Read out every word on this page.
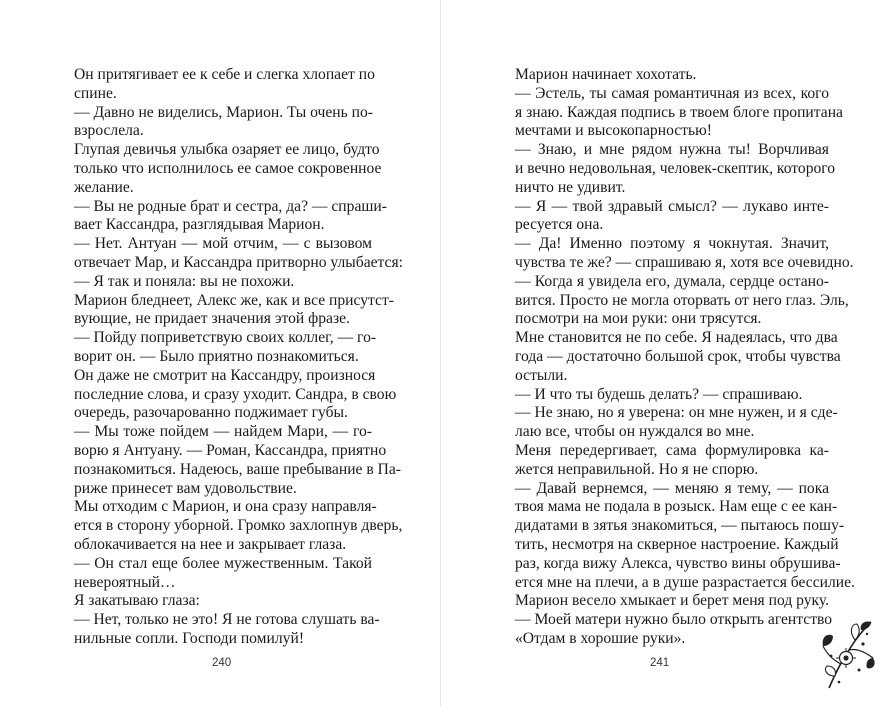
Он притягивает ее к себе и слегка хлопает по
спине.
— Давно не виделись, Марион. Ты очень по-
взрослела.
Глупая девичья улыбка озаряет ее лицо, будто
только что исполнилось ее самое сокровенное
желание.
— Вы не родные брат и сестра, да? — спраши-
вает Кассандра, разглядывая Марион.
— Нет. Антуан — мой отчим, — с вызовом
отвечает Мар, и Кассандра притворно улыбается:
— Я так и поняла: вы не похожи.
Марион бледнеет, Алекс же, как и все присутст-
вующие, не придает значения этой фразе.
— Пойду поприветствую своих коллег, — го-
ворит он. — Было приятно познакомиться.
Он даже не смотрит на Кассандру, произнося
последние слова, и сразу уходит. Сандра, в свою
очередь, разочарованно поджимает губы.
— Мы тоже пойдем — найдем Мари, — го-
ворю я Антуану. — Роман, Кассандра, приятно
познакомиться. Надеюсь, ваше пребывание в Па-
риже принесет вам удовольствие.
Мы отходим с Марион, и она сразу направля-
ется в сторону уборной. Громко захлопнув дверь,
облокачивается на нее и закрывает глаза.
— Он стал еще более мужественным. Такой
невероятный…
Я закатываю глаза:
— Нет, только не это! Я не готова слушать ва-
нильные сопли. Господи помилуй!
240
Марион начинает хохотать.
— Эстель, ты самая романтичная из всех, кого
я знаю. Каждая подпись в твоем блоге пропитана
мечтами и высокопарностью!
— Знаю, и мне рядом нужна ты! Ворчливая
и вечно недовольная, человек-скептик, которого
ничто не удивит.
— Я — твой здравый смысл? — лукаво инте-
ресуется она.
— Да! Именно поэтому я чокнутая. Значит,
чувства те же? — спрашиваю я, хотя все очевидно.
— Когда я увидела его, думала, сердце остано-
вится. Просто не могла оторвать от него глаз. Эль,
посмотри на мои руки: они трясутся.
Мне становится не по себе. Я надеялась, что два
года — достаточно большой срок, чтобы чувства
остыли.
— И что ты будешь делать? — спрашиваю.
— Не знаю, но я уверена: он мне нужен, и я сде-
лаю все, чтобы он нуждался во мне.
Меня передергивает, сама формулировка ка-
жется неправильной. Но я не спорю.
— Давай вернемся, — меняю я тему, — пока
твоя мама не подала в розыск. Нам еще с ее кан-
дидатами в зятья знакомиться, — пытаюсь пошу-
тить, несмотря на скверное настроение. Каждый
раз, когда вижу Алекса, чувство вины обрушива-
ется мне на плечи, а в душе разрастается бессилие.
Марион весело хмыкает и берет меня под руку.
— Моей матери нужно было открыть агентство
«Отдам в хорошие руки».
241
